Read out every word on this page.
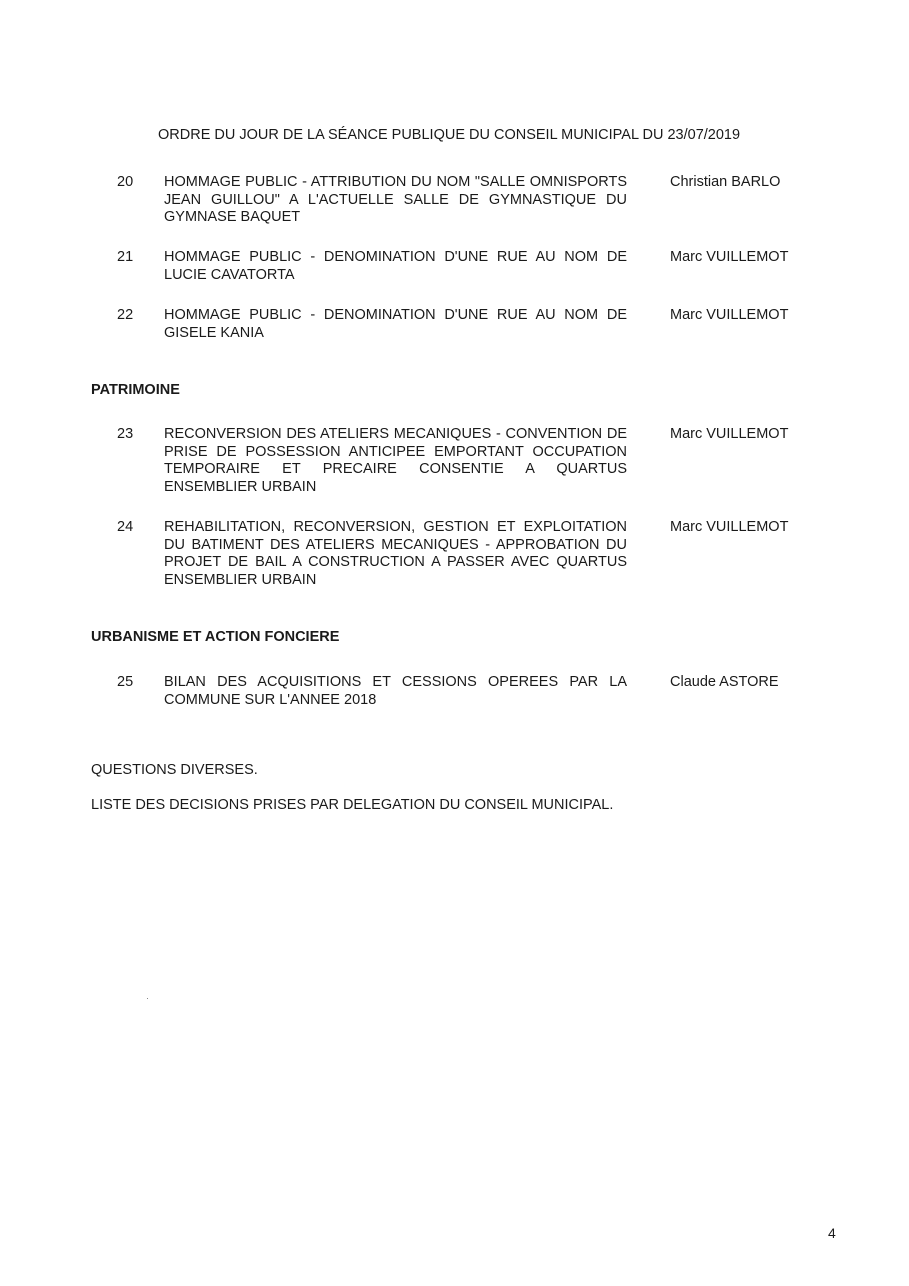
ORDRE DU JOUR DE LA SÉANCE PUBLIQUE DU CONSEIL MUNICIPAL DU 23/07/2019
20 HOMMAGE PUBLIC - ATTRIBUTION DU NOM "SALLE OMNISPORTS JEAN GUILLOU" A L'ACTUELLE SALLE DE GYMNASTIQUE DU GYMNASE BAQUET
Christian BARLO
21 HOMMAGE PUBLIC - DENOMINATION D'UNE RUE AU NOM DE LUCIE CAVATORTA
Marc VUILLEMOT
22 HOMMAGE PUBLIC - DENOMINATION D'UNE RUE AU NOM DE GISELE KANIA
Marc VUILLEMOT
PATRIMOINE
23 RECONVERSION DES ATELIERS MECANIQUES - CONVENTION DE PRISE DE POSSESSION ANTICIPEE EMPORTANT OCCUPATION TEMPORAIRE ET PRECAIRE CONSENTIE A QUARTUS ENSEMBLIER URBAIN
Marc VUILLEMOT
24 REHABILITATION, RECONVERSION, GESTION ET EXPLOITATION DU BATIMENT DES ATELIERS MECANIQUES - APPROBATION DU PROJET DE BAIL A CONSTRUCTION A PASSER AVEC QUARTUS ENSEMBLIER URBAIN
Marc VUILLEMOT
URBANISME ET ACTION FONCIERE
25 BILAN DES ACQUISITIONS ET CESSIONS OPEREES PAR LA COMMUNE SUR L'ANNEE 2018
Claude ASTORE
QUESTIONS DIVERSES.
LISTE DES DECISIONS PRISES PAR DELEGATION DU CONSEIL MUNICIPAL.
4
